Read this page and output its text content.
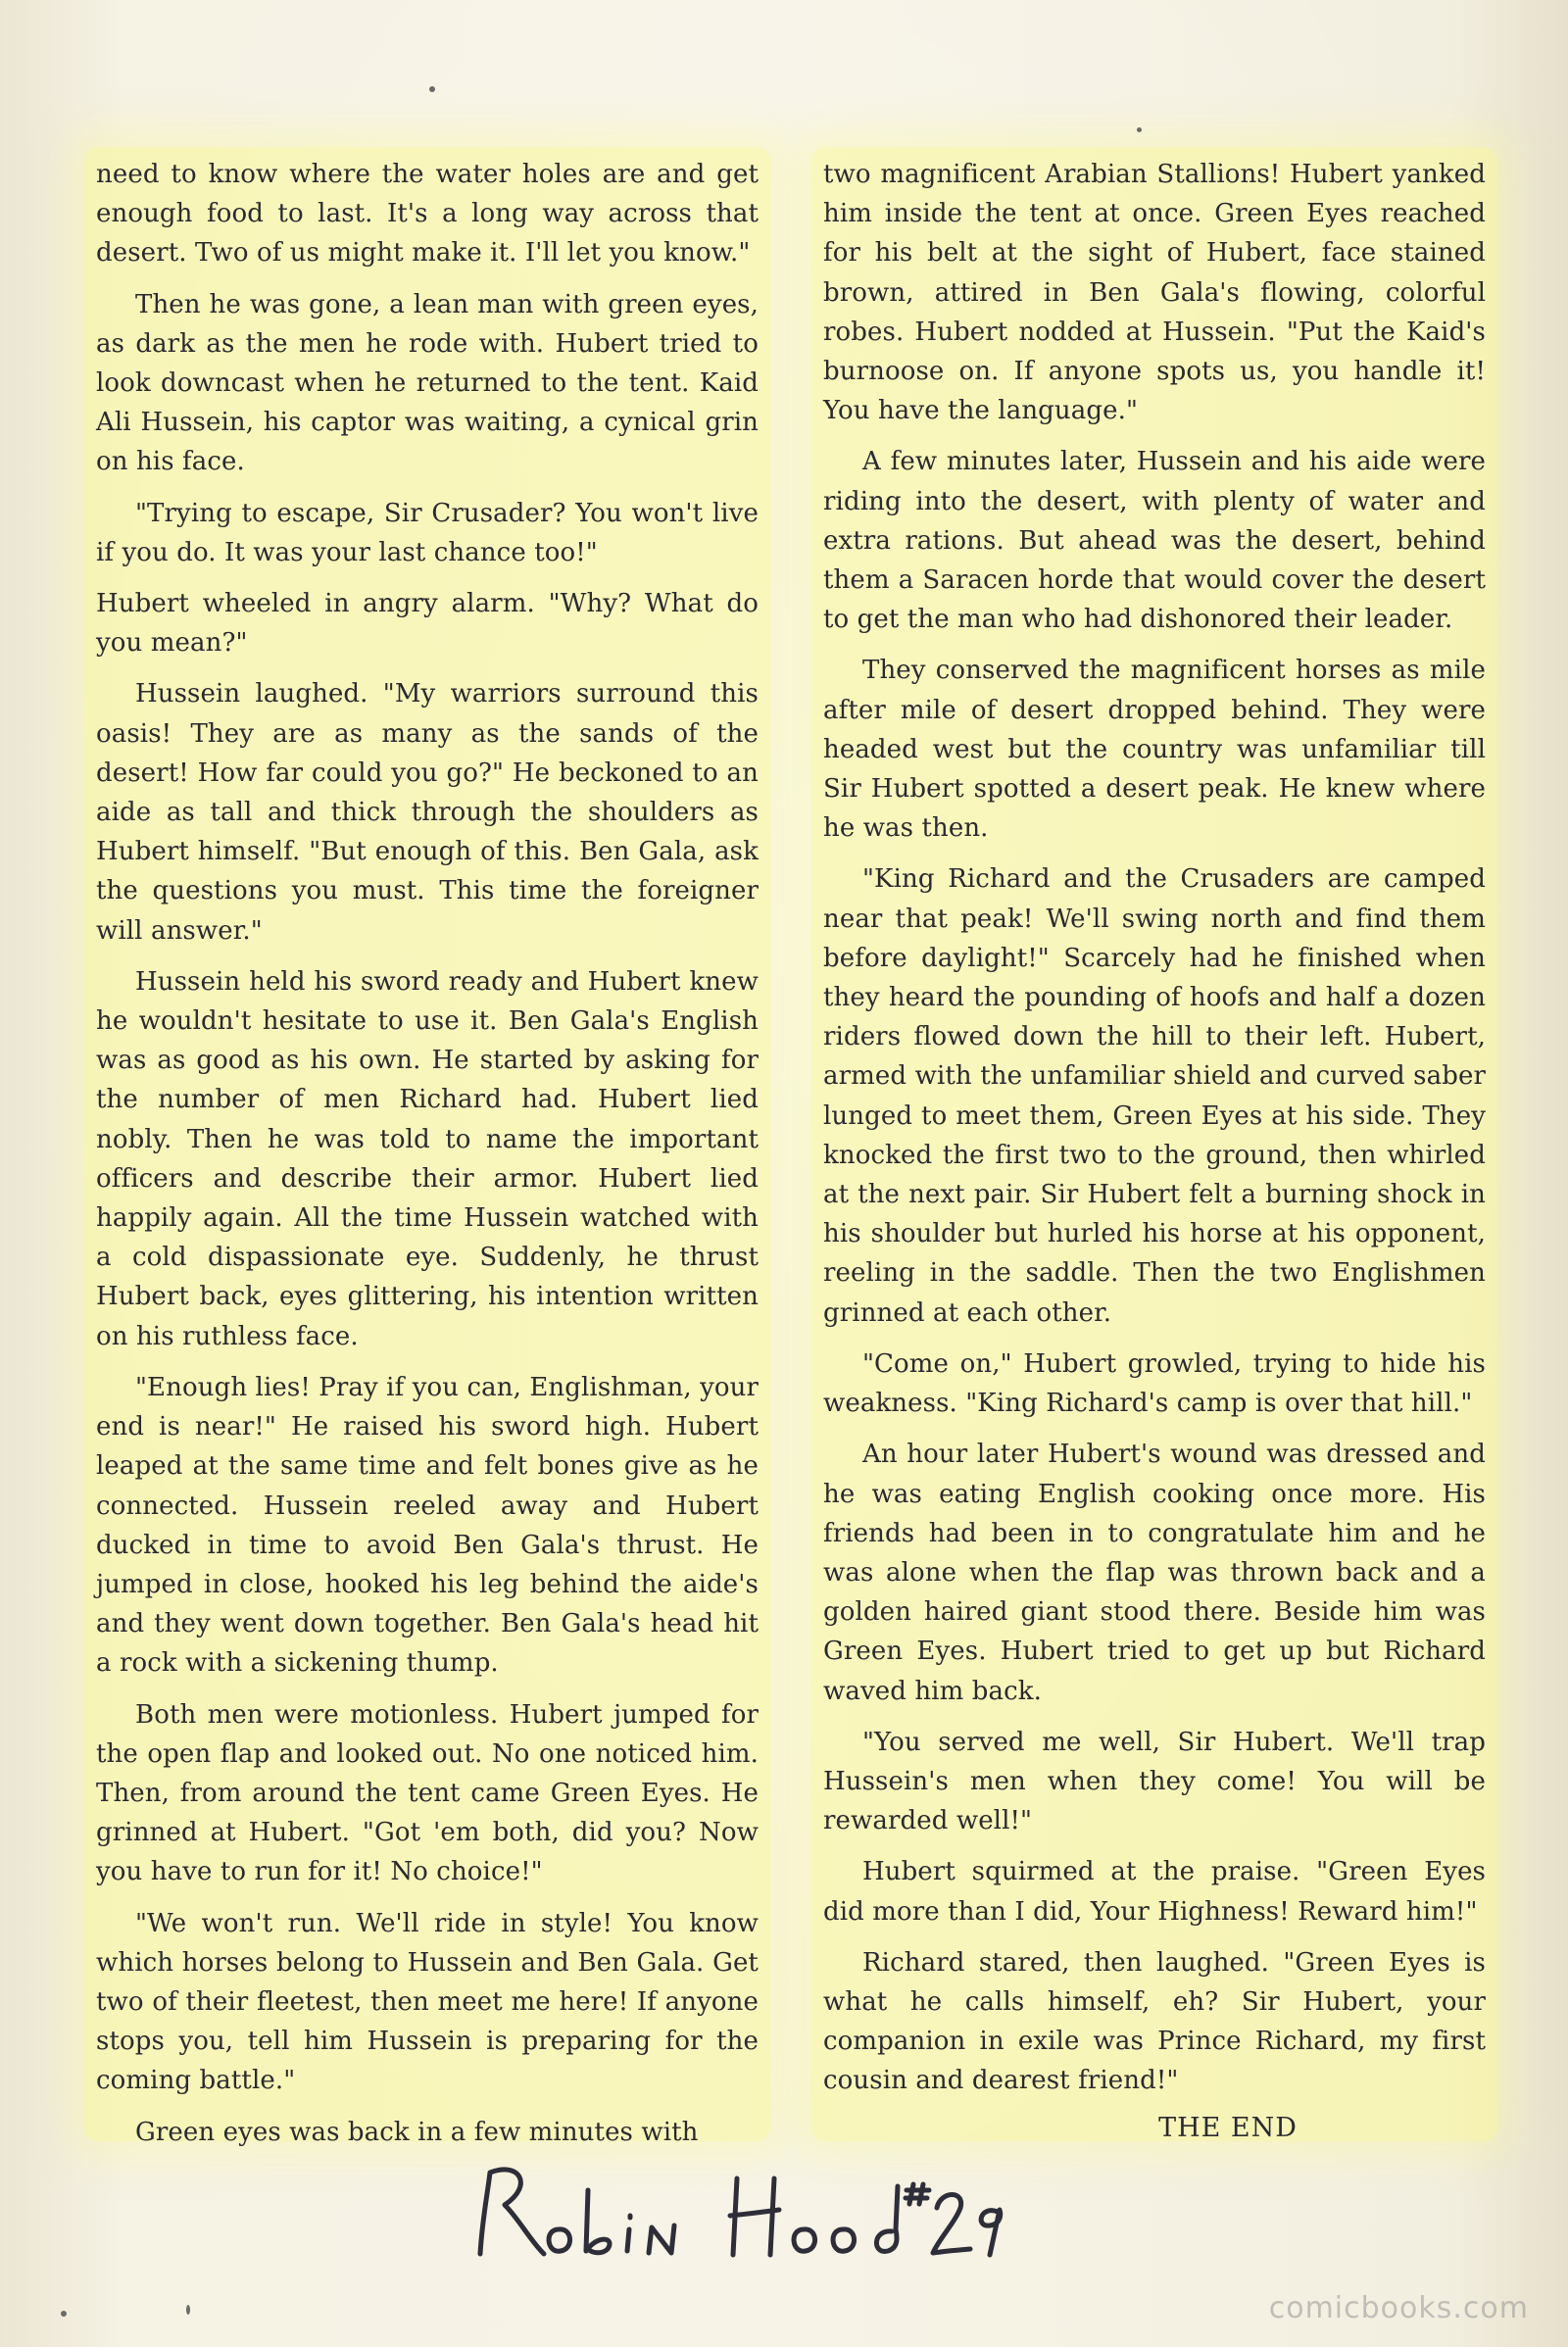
need to know where the water holes are and get enough food to last. It's a long way across that desert. Two of us might make it. I'll let you know."

Then he was gone, a lean man with green eyes, as dark as the men he rode with. Hubert tried to look downcast when he returned to the tent. Kaid Ali Hussein, his captor was waiting, a cynical grin on his face.

"Trying to escape, Sir Crusader? You won't live if you do. It was your last chance too!"

Hubert wheeled in angry alarm. "Why? What do you mean?"

Hussein laughed. "My warriors surround this oasis! They are as many as the sands of the desert! How far could you go?" He beckoned to an aide as tall and thick through the shoulders as Hubert himself. "But enough of this. Ben Gala, ask the questions you must. This time the foreigner will answer."

Hussein held his sword ready and Hubert knew he wouldn't hesitate to use it. Ben Gala's English was as good as his own. He started by asking for the number of men Richard had. Hubert lied nobly. Then he was told to name the important officers and describe their armor. Hubert lied happily again. All the time Hussein watched with a cold dispassionate eye. Suddenly, he thrust Hubert back, eyes glittering, his intention written on his ruthless face.

"Enough lies! Pray if you can, Englishman, your end is near!" He raised his sword high. Hubert leaped at the same time and felt bones give as he connected. Hussein reeled away and Hubert ducked in time to avoid Ben Gala's thrust. He jumped in close, hooked his leg behind the aide's and they went down together. Ben Gala's head hit a rock with a sickening thump.

Both men were motionless. Hubert jumped for the open flap and looked out. No one noticed him. Then, from around the tent came Green Eyes. He grinned at Hubert. "Got 'em both, did you? Now you have to run for it! No choice!"

"We won't run. We'll ride in style! You know which horses belong to Hussein and Ben Gala. Get two of their fleetest, then meet me here! If anyone stops you, tell him Hussein is preparing for the coming battle."

Green eyes was back in a few minutes with

two magnificent Arabian Stallions! Hubert yanked him inside the tent at once. Green Eyes reached for his belt at the sight of Hubert, face stained brown, attired in Ben Gala's flowing, colorful robes. Hubert nodded at Hussein. "Put the Kaid's burnoose on. If anyone spots us, you handle it! You have the language."

A few minutes later, Hussein and his aide were riding into the desert, with plenty of water and extra rations. But ahead was the desert, behind them a Saracen horde that would cover the desert to get the man who had dishonored their leader.

They conserved the magnificent horses as mile after mile of desert dropped behind. They were headed west but the country was unfamiliar till Sir Hubert spotted a desert peak. He knew where he was then.

"King Richard and the Crusaders are camped near that peak! We'll swing north and find them before daylight!" Scarcely had he finished when they heard the pounding of hoofs and half a dozen riders flowed down the hill to their left. Hubert, armed with the unfamiliar shield and curved saber lunged to meet them, Green Eyes at his side. They knocked the first two to the ground, then whirled at the next pair. Sir Hubert felt a burning shock in his shoulder but hurled his horse at his opponent, reeling in the saddle. Then the two Englishmen grinned at each other.

"Come on," Hubert growled, trying to hide his weakness. "King Richard's camp is over that hill."

An hour later Hubert's wound was dressed and he was eating English cooking once more. His friends had been in to congratulate him and he was alone when the flap was thrown back and a golden haired giant stood there. Beside him was Green Eyes. Hubert tried to get up but Richard waved him back.

"You served me well, Sir Hubert. We'll trap Hussein's men when they come! You will be rewarded well!"

Hubert squirmed at the praise. "Green Eyes did more than I did, Your Highness! Reward him!"

Richard stared, then laughed. "Green Eyes is what he calls himself, eh? Sir Hubert, your companion in exile was Prince Richard, my first cousin and dearest friend!"

THE END
comicbooks.com
